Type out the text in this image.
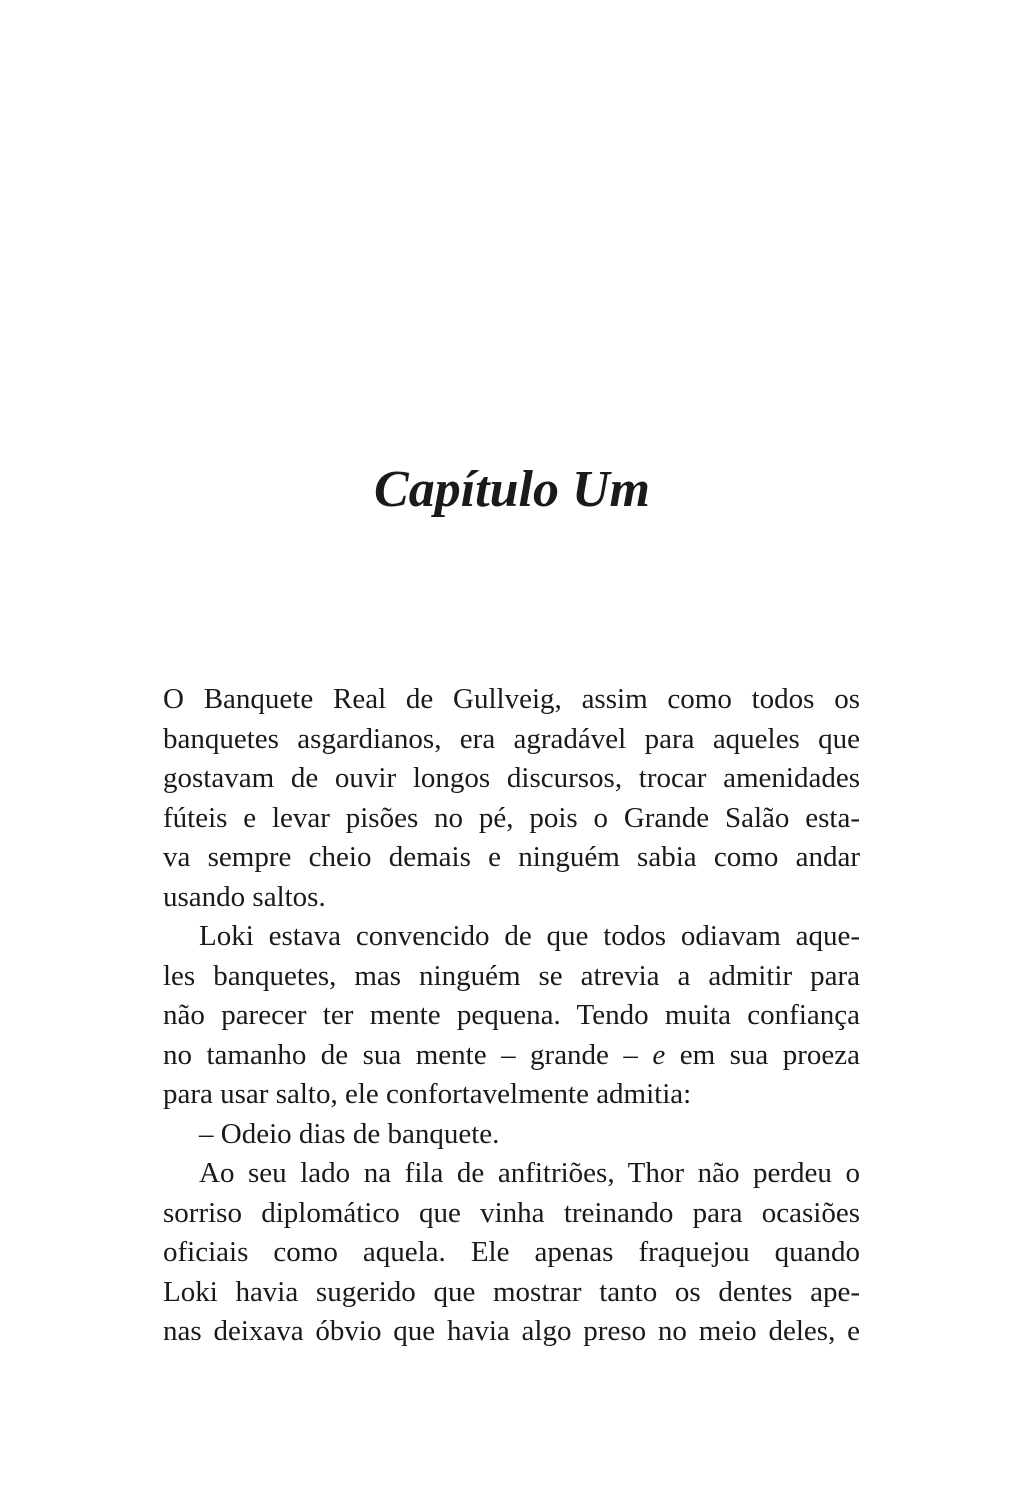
Capítulo Um

O Banquete Real de Gullveig, assim como todos os

banquetes asgardianos, era agradável para aqueles que

gostavam de ouvir longos discursos, trocar amenidades

fúteis e levar pisões no pé, pois o Grande Salão esta-

va sempre cheio demais e ninguém sabia como andar

usando saltos.

Loki estava convencido de que todos odiavam aque-

les banquetes, mas ninguém se atrevia a admitir para

não parecer ter mente pequena. Tendo muita confiança

no tamanho de sua mente – grande – e em sua proeza

para usar salto, ele confortavelmente admitia:

– Odeio dias de banquete.

Ao seu lado na fila de anfitriões, Thor não perdeu o

sorriso diplomático que vinha treinando para ocasiões

oficiais como aquela. Ele apenas fraquejou quando

Loki havia sugerido que mostrar tanto os dentes ape-

nas deixava óbvio que havia algo preso no meio deles, e
